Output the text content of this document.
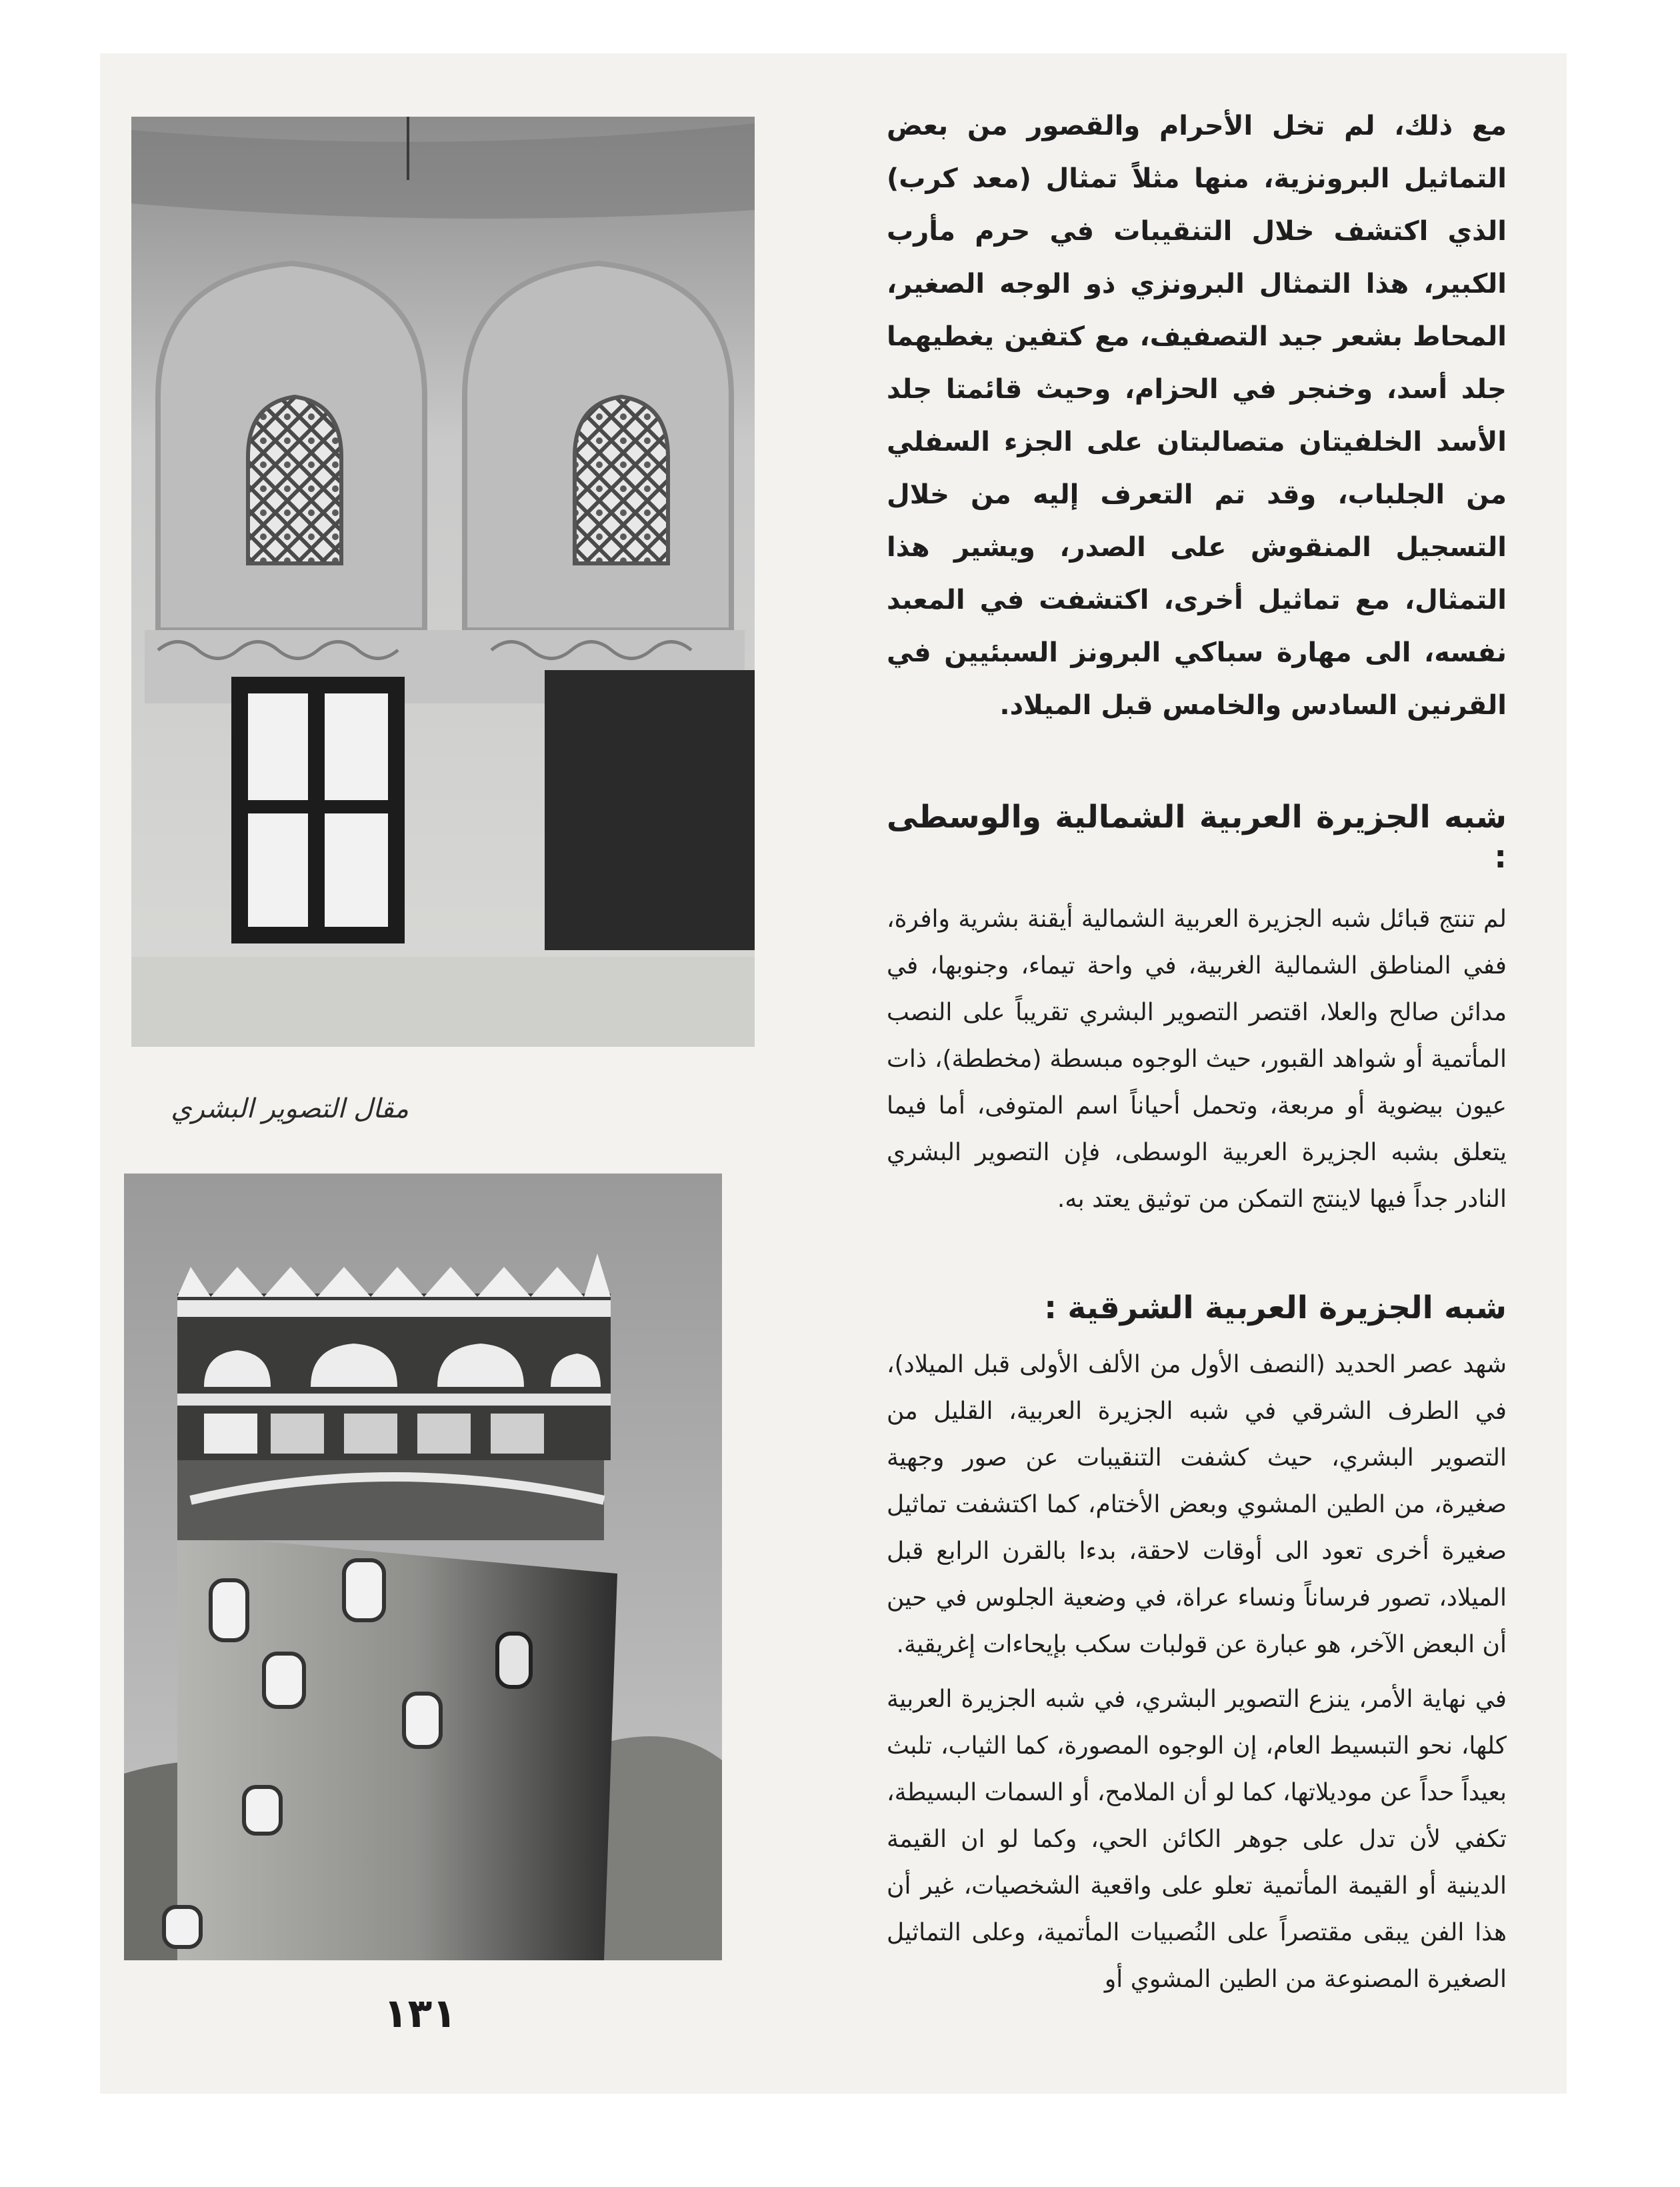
مع ذلك، لم تخل الأحرام والقصور من بعض التماثيل البرونزية، منها مثلاً تمثال (معد كرب) الذي اكتشف خلال التنقيبات في حرم مأرب الكبير، هذا التمثال البرونزي ذو الوجه الصغير، المحاط بشعر جيد التصفيف، مع كتفين يغطيهما جلد أسد، وخنجر في الحزام، وحيث قائمتا جلد الأسد الخلفيتان متصالبتان على الجزء السفلي من الجلباب، وقد تم التعرف إليه من خلال التسجيل المنقوش على الصدر، ويشير هذا التمثال، مع تماثيل أخرى، اكتشفت في المعبد نفسه، الى مهارة سباكي البرونز السبئيين في القرنين السادس والخامس قبل الميلاد.

شبه الجزيرة العربية الشمالية والوسطى :

لم تنتج قبائل شبه الجزيرة العربية الشمالية أيقنة بشرية وافرة، ففي المناطق الشمالية الغربية، في واحة تيماء، وجنوبها، في مدائن صالح والعلا، اقتصر التصوير البشري تقريباً على النصب المأتمية أو شواهد القبور، حيث الوجوه مبسطة (مخططة)، ذات عيون بيضوية أو مربعة، وتحمل أحياناً اسم المتوفى، أما فيما يتعلق بشبه الجزيرة العربية الوسطى، فإن التصوير البشري النادر جداً فيها لاينتج التمكن من توثيق يعتد به.

شبه الجزيرة العربية الشرقية :

شهد عصر الحديد (النصف الأول من الألف الأولى قبل الميلاد)، في الطرف الشرقي في شبه الجزيرة العربية، القليل من التصوير البشري، حيث كشفت التنقيبات عن صور وجهية صغيرة، من الطين المشوي وبعض الأختام، كما اكتشفت تماثيل صغيرة أخرى تعود الى أوقات لاحقة، بدءا بالقرن الرابع قبل الميلاد، تصور فرساناً ونساء عراة، في وضعية الجلوس في حين أن البعض الآخر، هو عبارة عن قولبات سكب بإيحاءات إغريقية.

في نهاية الأمر، ينزع التصوير البشري، في شبه الجزيرة العربية كلها، نحو التبسيط العام، إن الوجوه المصورة، كما الثياب، تلبث بعيداً حداً عن موديلاتها، كما لو أن الملامح، أو السمات البسيطة، تكفي لأن تدل على جوهر الكائن الحي، وكما لو ان القيمة الدينية أو القيمة المأتمية تعلو على واقعية الشخصيات، غير أن هذا الفن يبقى مقتصراً على النُصبيات المأتمية، وعلى التماثيل الصغيرة المصنوعة من الطين المشوي أو

مقال التصوير البشري
١٣١
